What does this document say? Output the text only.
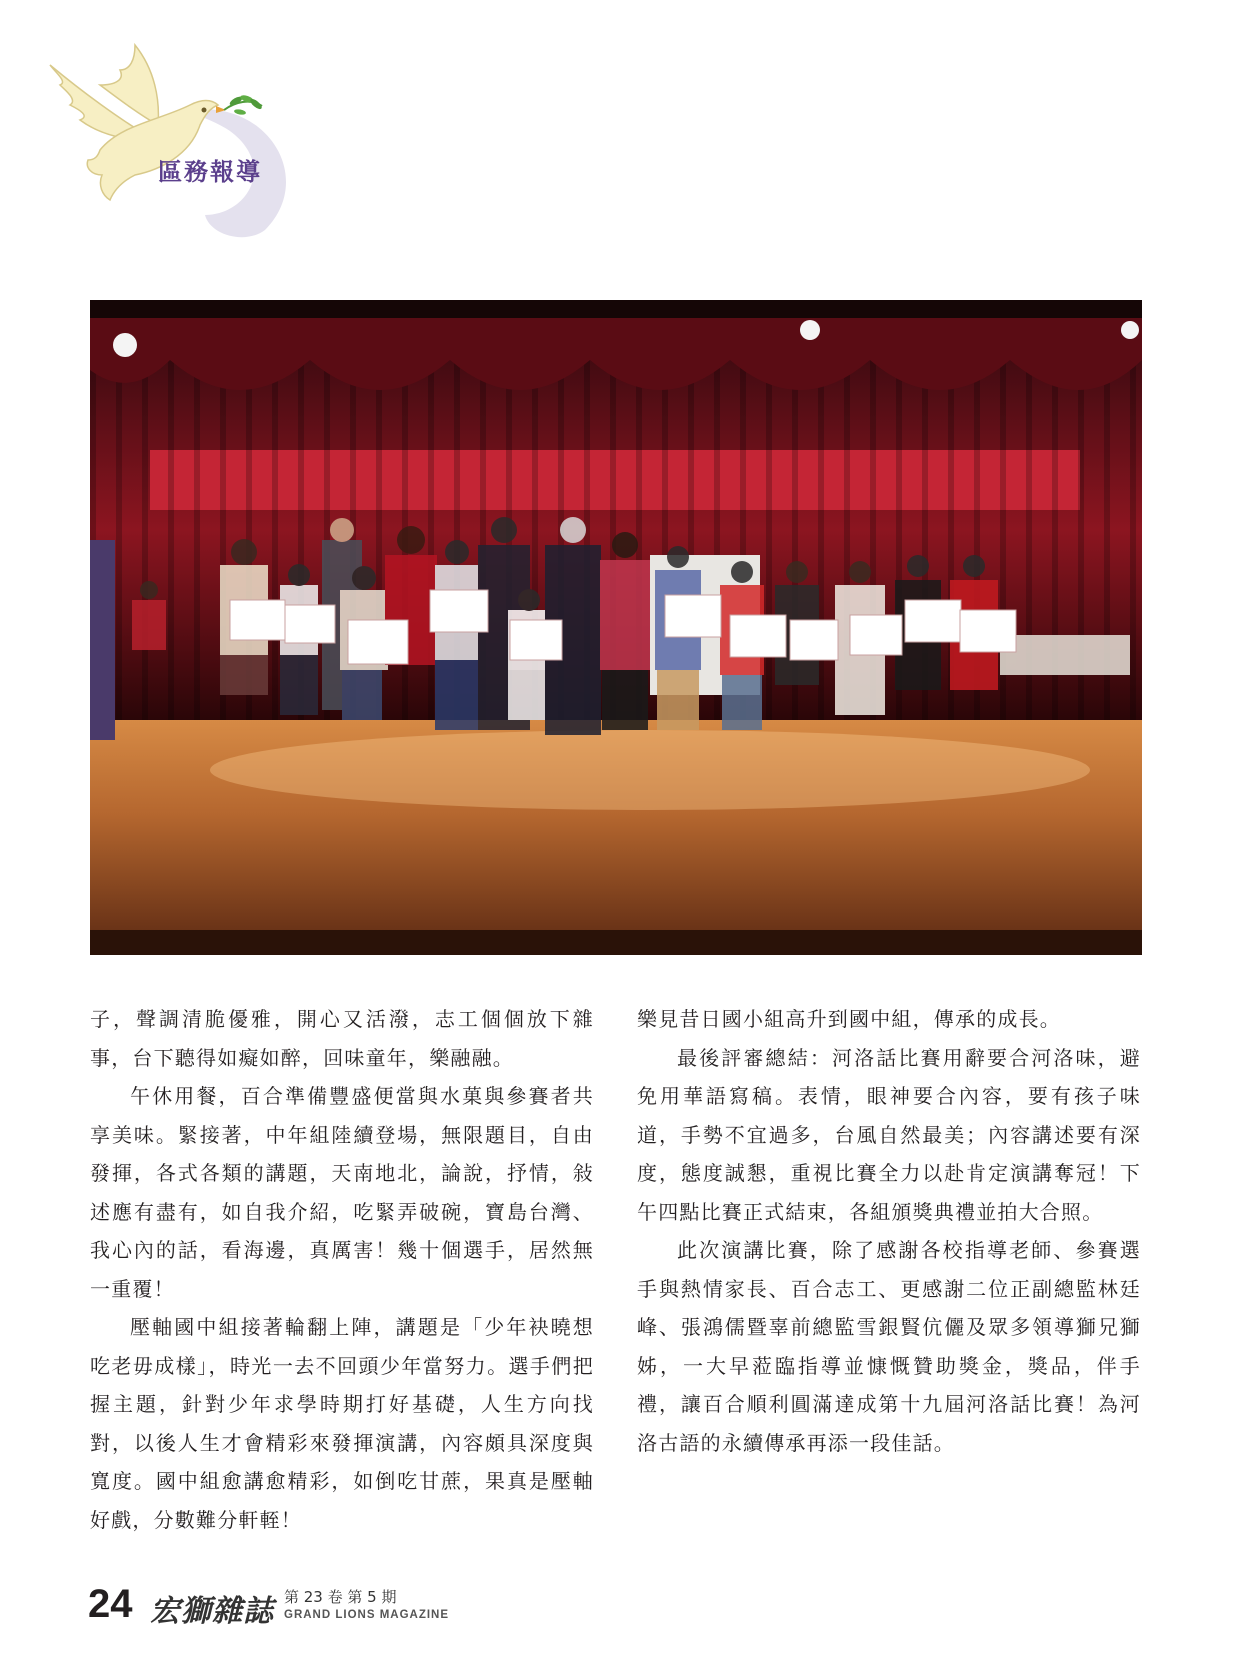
區務報導

子，聲調清脆優雅，開心又活潑，志工個個放下雜事，台下聽得如癡如醉，回味童年，樂融融。

午休用餐，百合準備豐盛便當與水菓與參賽者共享美味。緊接著，中年組陸續登場，無限題目，自由發揮，各式各類的講題，天南地北，論說，抒情，敍述應有盡有，如自我介紹，吃緊弄破碗，寶島台灣、我心內的話，看海邊，真厲害！幾十個選手，居然無一重覆！

壓軸國中組接著輪翻上陣，講題是「少年袂曉想吃老毋成樣」，時光一去不回頭少年當努力。選手們把握主題，針對少年求學時期打好基礎，人生方向找對，以後人生才會精彩來發揮演講，內容頗具深度與寬度。國中組愈講愈精彩，如倒吃甘蔗，果真是壓軸好戲，分數難分軒輊！

樂見昔日國小組高升到國中組，傳承的成長。

最後評審總結：河洛話比賽用辭要合河洛味，避免用華語寫稿。表情，眼神要合內容，要有孩子味道，手勢不宜過多，台風自然最美；內容講述要有深度，態度誠懇，重視比賽全力以赴肯定演講奪冠！下午四點比賽正式結束，各組頒獎典禮並拍大合照。

此次演講比賽，除了感謝各校指導老師、參賽選手與熱情家長、百合志工、更感謝二位正副總監林廷峰、張鴻儒暨辜前總監雪銀賢伉儷及眾多領導獅兄獅姊，一大早蒞臨指導並慷慨贊助獎金，獎品，伴手禮，讓百合順利圓滿達成第十九屆河洛話比賽！為河洛古語的永續傳承再添一段佳話。

24 宏獅雜誌 第 23 卷 第 5 期
GRAND LIONS MAGAZINE
